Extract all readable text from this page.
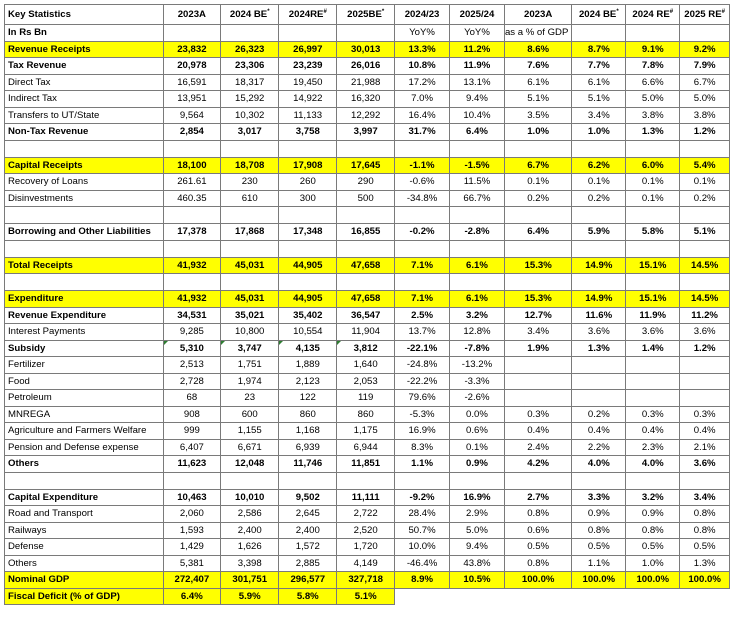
Key Statistics	2023A	2024 BE*	2024RE#	2025BE*	2024/23	2025/24	2023A	2024 BE*	2024 RE#	2025 RE#
In Rs Bn					YoY%	YoY%	as a % of GDP			
Revenue Receipts	23,832	26,323	26,997	30,013	13.3%	11.2%	8.6%	8.7%	9.1%	9.2%
Tax Revenue	20,978	23,306	23,239	26,016	10.8%	11.9%	7.6%	7.7%	7.8%	7.9%
Direct Tax	16,591	18,317	19,450	21,988	17.2%	13.1%	6.1%	6.1%	6.6%	6.7%
Indirect Tax	13,951	15,292	14,922	16,320	7.0%	9.4%	5.1%	5.1%	5.0%	5.0%
Transfers to UT/State	9,564	10,302	11,133	12,292	16.4%	10.4%	3.5%	3.4%	3.8%	3.8%
Non-Tax Revenue	2,854	3,017	3,758	3,997	31.7%	6.4%	1.0%	1.0%	1.3%	1.2%

Capital Receipts	18,100	18,708	17,908	17,645	-1.1%	-1.5%	6.7%	6.2%	6.0%	5.4%
Recovery of Loans	261.61	230	260	290	-0.6%	11.5%	0.1%	0.1%	0.1%	0.1%
Disinvestments	460.35	610	300	500	-34.8%	66.7%	0.2%	0.2%	0.1%	0.2%

Borrowing and Other Liabilities	17,378	17,868	17,348	16,855	-0.2%	-2.8%	6.4%	5.9%	5.8%	5.1%

Total Receipts	41,932	45,031	44,905	47,658	7.1%	6.1%	15.3%	14.9%	15.1%	14.5%

Expenditure	41,932	45,031	44,905	47,658	7.1%	6.1%	15.3%	14.9%	15.1%	14.5%
Revenue Expenditure	34,531	35,021	35,402	36,547	2.5%	3.2%	12.7%	11.6%	11.9%	11.2%
Interest Payments	9,285	10,800	10,554	11,904	13.7%	12.8%	3.4%	3.6%	3.6%	3.6%
Subsidy	5,310	3,747	4,135	3,812	-22.1%	-7.8%	1.9%	1.3%	1.4%	1.2%
Fertilizer	2,513	1,751	1,889	1,640	-24.8%	-13.2%				
Food	2,728	1,974	2,123	2,053	-22.2%	-3.3%				
Petroleum	68	23	122	119	79.6%	-2.6%				
MNREGA	908	600	860	860	-5.3%	0.0%	0.3%	0.2%	0.3%	0.3%
Agriculture and Farmers Welfare	999	1,155	1,168	1,175	16.9%	0.6%	0.4%	0.4%	0.4%	0.4%
Pension and Defense expense	6,407	6,671	6,939	6,944	8.3%	0.1%	2.4%	2.2%	2.3%	2.1%
Others	11,623	12,048	11,746	11,851	1.1%	0.9%	4.2%	4.0%	4.0%	3.6%

Capital Expenditure	10,463	10,010	9,502	11,111	-9.2%	16.9%	2.7%	3.3%	3.2%	3.4%
Road and Transport	2,060	2,586	2,645	2,722	28.4%	2.9%	0.8%	0.9%	0.9%	0.8%
Railways	1,593	2,400	2,400	2,520	50.7%	5.0%	0.6%	0.8%	0.8%	0.8%
Defense	1,429	1,626	1,572	1,720	10.0%	9.4%	0.5%	0.5%	0.5%	0.5%
Others	5,381	3,398	2,885	4,149	-46.4%	43.8%	0.8%	1.1%	1.0%	1.3%
Nominal GDP	272,407	301,751	296,577	327,718	8.9%	10.5%	100.0%	100.0%	100.0%	100.0%
Fiscal Deficit (% of GDP)	6.4%	5.9%	5.8%	5.1%						
